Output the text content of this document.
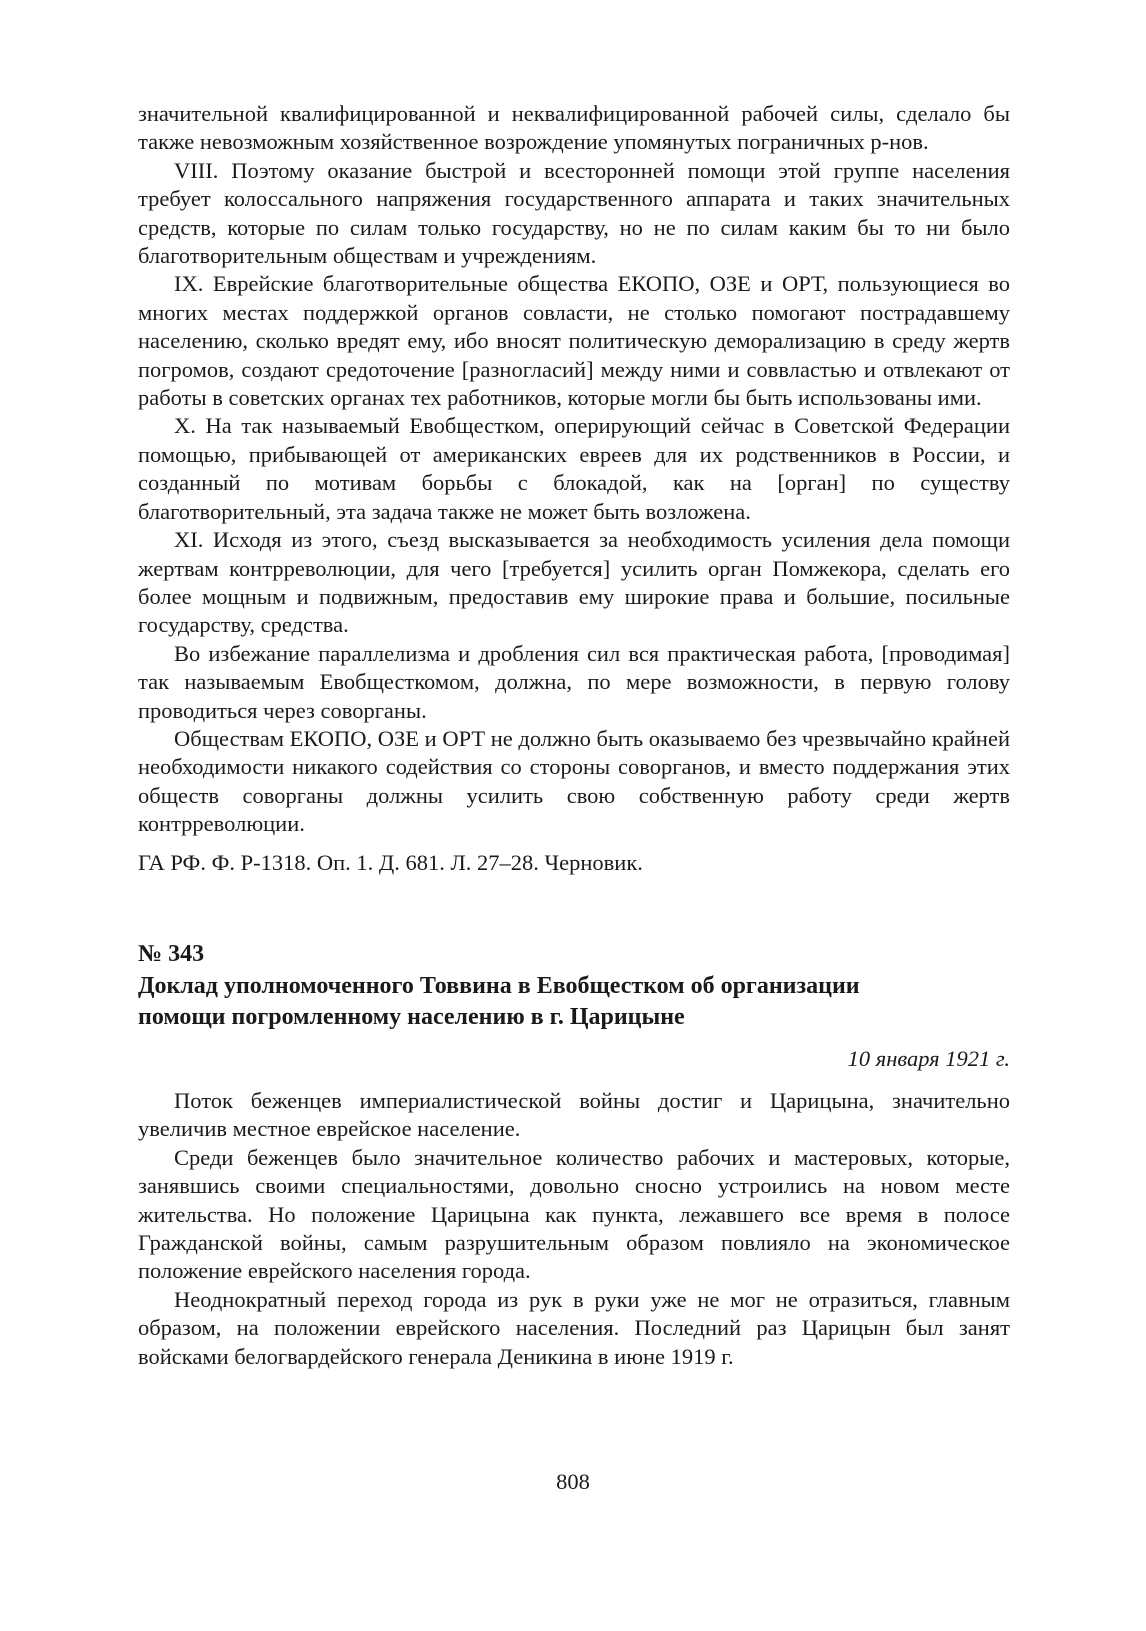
значительной квалифицированной и неквалифицированной рабочей силы, сделало бы также невозможным хозяйственное возрождение упомянутых пограничных р-нов.

VIII. Поэтому оказание быстрой и всесторонней помощи этой группе населения требует колоссального напряжения государственного аппарата и таких значительных средств, которые по силам только государству, но не по силам каким бы то ни было благотворительным обществам и учреждениям.

IX. Еврейские благотворительные общества ЕКОПО, ОЗЕ и ОРТ, пользующиеся во многих местах поддержкой органов совласти, не столько помогают пострадавшему населению, сколько вредят ему, ибо вносят политическую деморализацию в среду жертв погромов, создают средоточение [разногласий] между ними и соввластью и отвлекают от работы в советских органах тех работников, которые могли бы быть использованы ими.

X. На так называемый Евобщестком, оперирующий сейчас в Советской Федерации помощью, прибывающей от американских евреев для их родственников в России, и созданный по мотивам борьбы с блокадой, как на [орган] по существу благотворительный, эта задача также не может быть возложена.

XI. Исходя из этого, съезд высказывается за необходимость усиления дела помощи жертвам контрреволюции, для чего [требуется] усилить орган Помжекора, сделать его более мощным и подвижным, предоставив ему широкие права и большие, посильные государству, средства.

Во избежание параллелизма и дробления сил вся практическая работа, [проводимая] так называемым Евобщесткомом, должна, по мере возможности, в первую голову проводиться через соворганы.

Обществам ЕКОПО, ОЗЕ и ОРТ не должно быть оказываемо без чрезвычайно крайней необходимости никакого содействия со стороны соворганов, и вместо поддержания этих обществ соворганы должны усилить свою собственную работу среди жертв контрреволюции.

ГА РФ. Ф. Р-1318. Оп. 1. Д. 681. Л. 27–28. Черновик.

№ 343
Доклад уполномоченного Товвина в Евобщестком об организации помощи погромленному населению в г. Царицыне
10 января 1921 г.

Поток беженцев империалистической войны достиг и Царицына, значительно увеличив местное еврейское население.

Среди беженцев было значительное количество рабочих и мастеровых, которые, занявшись своими специальностями, довольно сносно устроились на новом месте жительства. Но положение Царицына как пункта, лежавшего все время в полосе Гражданской войны, самым разрушительным образом повлияло на экономическое положение еврейского населения города.

Неоднократный переход города из рук в руки уже не мог не отразиться, главным образом, на положении еврейского населения. Последний раз Царицын был занят войсками белогвардейского генерала Деникина в июне 1919 г.

808
